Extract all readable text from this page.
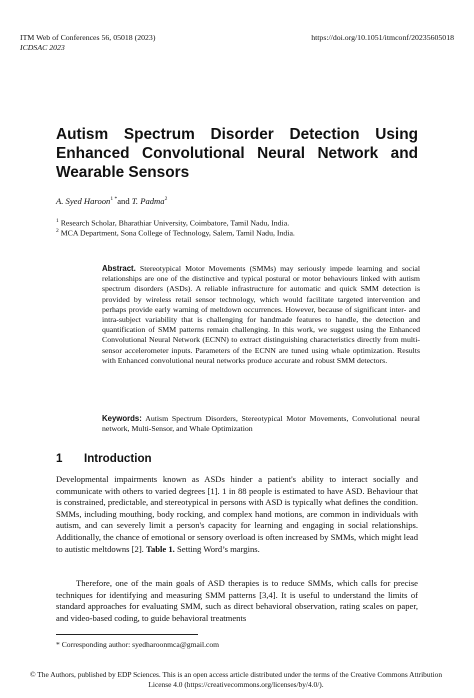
ITM Web of Conferences 56, 05018 (2023)
ICDSAC 2023
https://doi.org/10.1051/itmconf/20235605018
Autism Spectrum Disorder Detection Using Enhanced Convolutional Neural Network and Wearable Sensors
A. Syed Haroon$^{1 *}$and T. Padma$^2$
$^1$ Research Scholar, Bharathiar University, Coimbatore, Tamil Nadu, India.
$^2$ MCA Department, Sona College of Technology, Salem, Tamil Nadu, India.
Abstract. Stereotypical Motor Movements (SMMs) may seriously impede learning and social relationships are one of the distinctive and typical postural or motor behaviours linked with autism spectrum disorders (ASDs). A reliable infrastructure for automatic and quick SMM detection is provided by wireless retail sensor technology, which would facilitate targeted intervention and perhaps provide early warning of meltdown occurrences. However, because of significant inter- and intra-subject variability that is challenging for handmade features to handle, the detection and quantification of SMM patterns remain challenging. In this work, we suggest using the Enhanced Convolutional Neural Network (ECNN) to extract distinguishing characteristics directly from multi-sensor accelerometer inputs. Parameters of the ECNN are tuned using whale optimization. Results with Enhanced convolutional neural networks produce accurate and robust SMM detectors.
Keywords: Autism Spectrum Disorders, Stereotypical Motor Movements, Convolutional neural network, Multi-Sensor, and Whale Optimization
1 Introduction
Developmental impairments known as ASDs hinder a patient's ability to interact socially and communicate with others to varied degrees [1]. 1 in 88 people is estimated to have ASD. Behaviour that is constrained, predictable, and stereotypical in persons with ASD is typically what defines the condition. SMMs, including mouthing, body rocking, and complex hand motions, are common in individuals with autism, and can severely limit a person's capacity for learning and engaging in social relationships. Additionally, the chance of emotional or sensory overload is often increased by SMMs, which might lead to autistic meltdowns [2]. Table 1. Setting Word’s margins.
Therefore, one of the main goals of ASD therapies is to reduce SMMs, which calls for precise techniques for identifying and measuring SMM patterns [3,4]. It is useful to understand the limits of standard approaches for evaluating SMM, such as direct behavioral observation, rating scales on paper, and video-based coding, to guide behavioral treatments
* Corresponding author: syedharoonmca@gmail.com
© The Authors, published by EDP Sciences. This is an open access article distributed under the terms of the Creative Commons Attribution License 4.0 (https://creativecommons.org/licenses/by/4.0/).
